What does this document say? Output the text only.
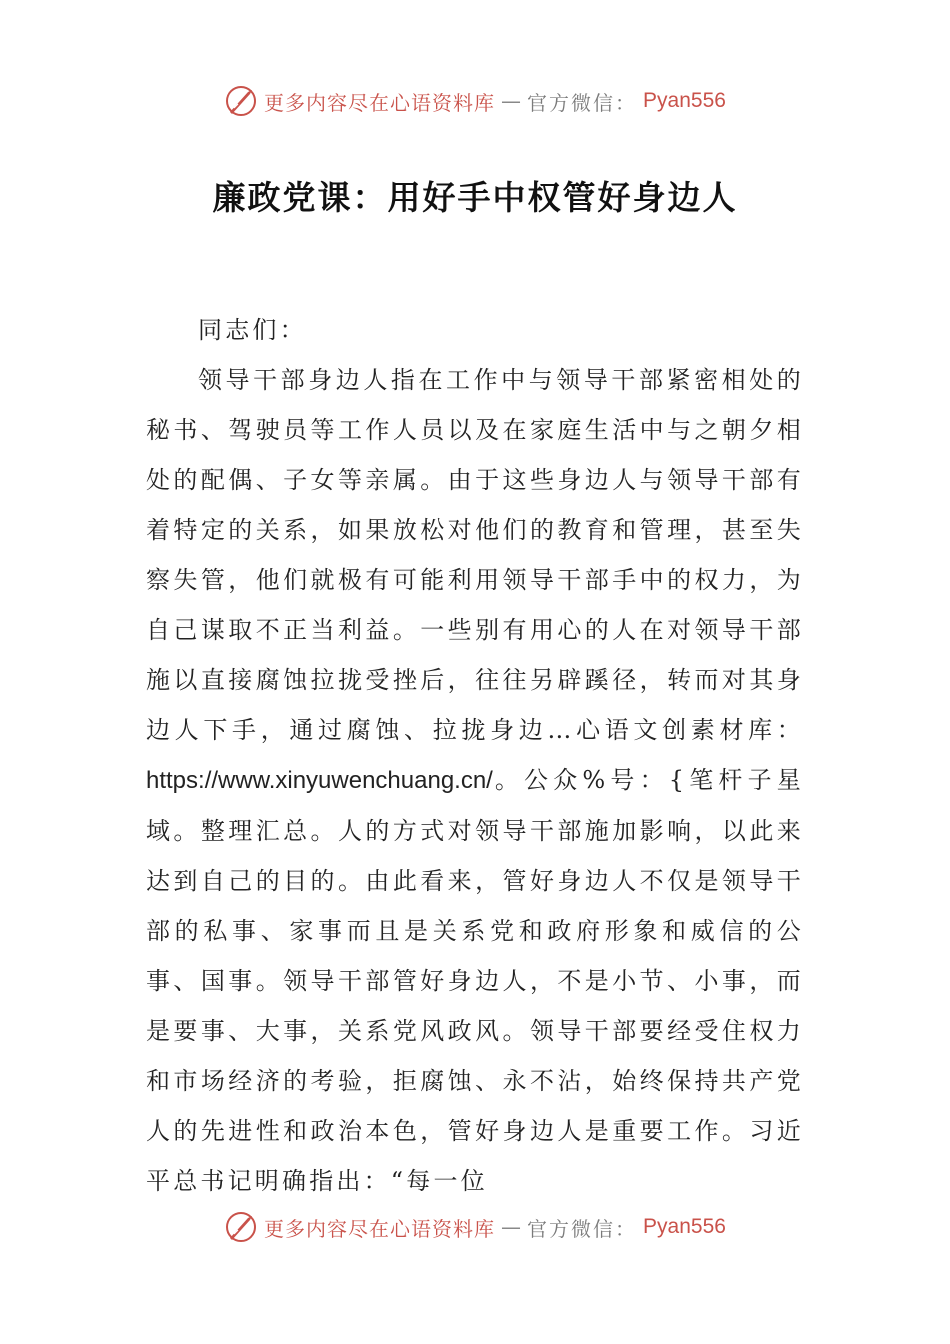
更多内容尽在心语资料库 — 官方微信： Pyan556
廉政党课：用好手中权管好身边人

同志们：

领导干部身边人指在工作中与领导干部紧密相处的秘书、驾驶员等工作人员以及在家庭生活中与之朝夕相处的配偶、子女等亲属。由于这些身边人与领导干部有着特定的关系，如果放松对他们的教育和管理，甚至失察失管，他们就极有可能利用领导干部手中的权力，为自己谋取不正当利益。一些别有用心的人在对领导干部施以直接腐蚀拉拢受挫后，往往另辟蹊径，转而对其身边人下手，通过腐蚀、拉拢身边…心语文创素材库：https://www.xinyuwenchuang.cn/。公众%号：{笔杆子星域。整理汇总。人的方式对领导干部施加影响，以此来达到自己的目的。由此看来，管好身边人不仅是领导干部的私事、家事而且是关系党和政府形象和威信的公事、国事。领导干部管好身边人，不是小节、小事，而是要事、大事，关系党风政风。领导干部要经受住权力和市场经济的考验，拒腐蚀、永不沾，始终保持共产党人的先进性和政治本色，管好身边人是重要工作。习近平总书记明确指出：“每一位

更多内容尽在心语资料库 — 官方微信： Pyan556
